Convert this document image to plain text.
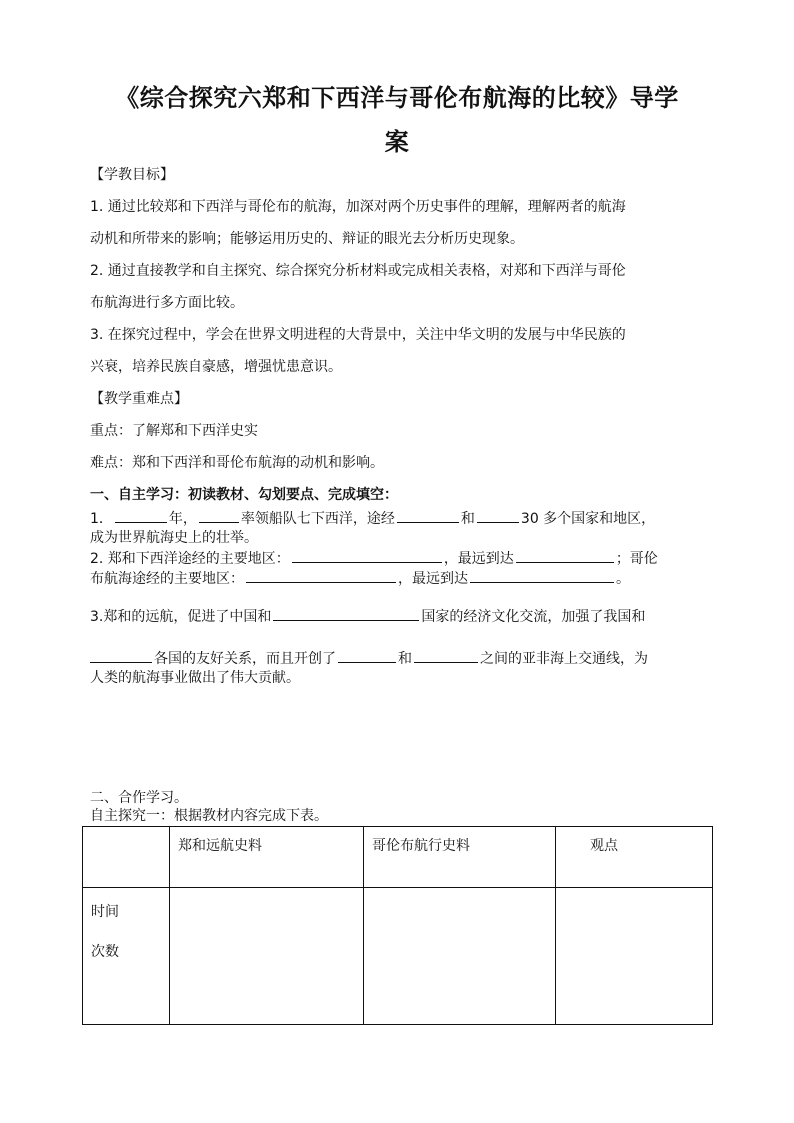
《综合探究六郑和下西洋与哥伦布航海的比较》导学
案
【学教目标】
1. 通过比较郑和下西洋与哥伦布的航海，加深对两个历史事件的理解，理解两者的航海
动机和所带来的影响；能够运用历史的、辩证的眼光去分析历史现象。
2. 通过直接教学和自主探究、综合探究分析材料或完成相关表格，对郑和下西洋与哥伦
布航海进行多方面比较。
3. 在探究过程中，学会在世界文明进程的大背景中，关注中华文明的发展与中华民族的
兴衰，培养民族自豪感，增强忧患意识。
【教学重难点】
重点：了解郑和下西洋史实
难点：郑和下西洋和哥伦布航海的动机和影响。
一、自主学习：初读教材、勾划要点、完成填空：
1．	年，	率领船队七下西洋，途经	和	30 多个国家和地区，
成为世界航海史上的壮举。
2. 郑和下西洋途经的主要地区：	，最远到达	；哥伦
布航海途经的主要地区：	，最远到达	。
3.郑和的远航，促进了中国和	国家的经济文化交流，加强了我国和
各国的友好关系，而且开创了	和	之间的亚非海上交通线，为
人类的航海事业做出了伟大贡献。
二、合作学习。
自主探究一：根据教材内容完成下表。
	郑和远航史料	哥伦布航行史料	观点

时间
次数			
